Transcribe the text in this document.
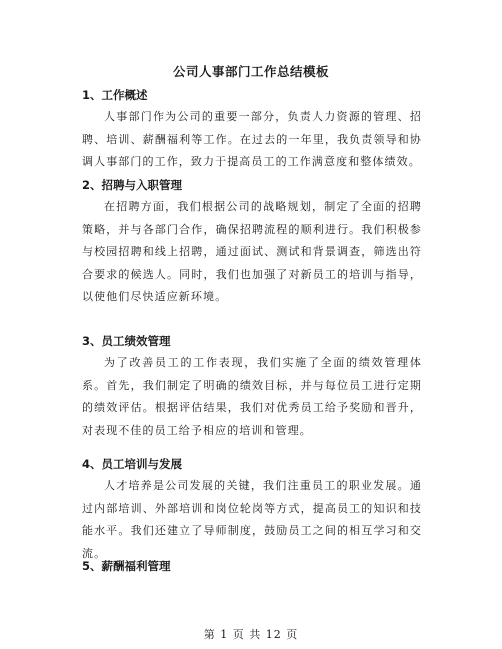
公司人事部门工作总结模板
1、工作概述

人事部门作为公司的重要一部分，负责人力资源的管理、招聘、培训、薪酬福利等工作。在过去的一年里，我负责领导和协调人事部门的工作，致力于提高员工的工作满意度和整体绩效。

2、招聘与入职管理

在招聘方面，我们根据公司的战略规划，制定了全面的招聘策略，并与各部门合作，确保招聘流程的顺利进行。我们积极参与校园招聘和线上招聘，通过面试、测试和背景调查，筛选出符合要求的候选人。同时，我们也加强了对新员工的培训与指导，以使他们尽快适应新环境。

3、员工绩效管理

为了改善员工的工作表现，我们实施了全面的绩效管理体系。首先，我们制定了明确的绩效目标，并与每位员工进行定期的绩效评估。根据评估结果，我们对优秀员工给予奖励和晋升，对表现不佳的员工给予相应的培训和管理。

4、员工培训与发展

人才培养是公司发展的关键，我们注重员工的职业发展。通过内部培训、外部培训和岗位轮岗等方式，提高员工的知识和技能水平。我们还建立了导师制度，鼓励员工之间的相互学习和交流。

5、薪酬福利管理
第 1 页 共 12 页
